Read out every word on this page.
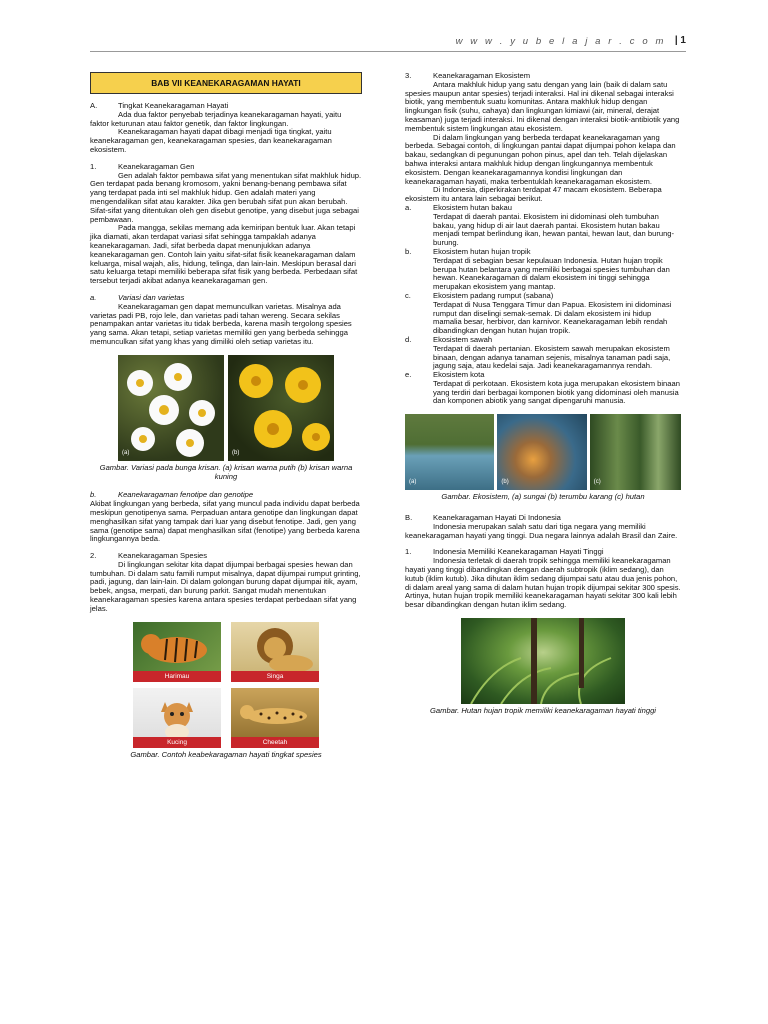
w w w . y u b e l a j a r . c o m | 1
BAB VII KEANEKARAGAMAN HAYATI
A.	Tingkat Keanekaragaman Hayati

Ada dua faktor penyebab terjadinya keanekaragaman hayati, yaitu faktor keturunan atau faktor genetik, dan faktor lingkungan.

Keanekaragaman hayati dapat dibagi menjadi tiga tingkat, yaitu keanekaragaman gen, keanekaragaman spesies, dan keanekaragaman ekosistem.

1.	Keanekaragaman Gen

Gen adalah faktor pembawa sifat yang menentukan sifat makhluk hidup. Gen terdapat pada benang kromosom, yakni benang-benang pembawa sifat yang terdapat pada inti sel makhluk hidup. Gen adalah materi yang mengendalikan sifat atau karakter. Jika gen berubah sifat pun akan berubah. Sifat-sifat yang ditentukan oleh gen disebut genotipe, yang disebut juga sebagai pembawaan.

Pada mangga, sekilas memang ada kemiripan bentuk luar. Akan tetapi jika diamati, akan terdapat variasi sifat sehingga tampaklah adanya keanekaragaman. Jadi, sifat berbeda dapat menunjukkan adanya keanekaragaman gen. Contoh lain yaitu sifat-sifat fisik keanekaragaman dalam keluarga, misal wajah, alis, hidung, telinga, dan lain-lain. Meskipun berasal dari satu keluarga tetapi memiliki beberapa sifat fisik yang berbeda. Perbedaan sifat tersebut terjadi akibat adanya keanekaragaman gen.

a.	Variasi dan varietas

Keanekaragaman gen dapat memunculkan varietas. Misalnya ada varietas padi PB, rojo lele, dan varietas padi tahan wereng. Secara sekilas penampakan antar varietas itu tidak berbeda, karena masih tergolong spesies yang sama. Akan tetapi, setiap varietas memiliki gen yang berbeda sehingga memunculkan sifat yang khas yang dimiliki oleh setiap varietas itu.

(a)	(b)
Gambar. Variasi pada bunga krisan. (a) krisan warna putih (b) krisan warna kuning
b.	Keanekaragaman fenotipe dan genotipe

Akibat lingkungan yang berbeda, sifat yang muncul pada individu dapat berbeda meskipun genotipenya sama. Perpaduan antara genotipe dan lingkungan dapat menghasilkan sifat yang tampak dari luar yang disebut fenotipe. Jadi, gen yang sama (genotipe sama) dapat menghasilkan sifat (fenotipe) yang berbeda karena lingkungannya beda.

2.	Keanekaragaman Spesies

Di lingkungan sekitar kita dapat dijumpai berbagai spesies hewan dan tumbuhan. Di dalam satu famili rumput misalnya, dapat dijumpai rumput grinting, padi, jagung, dan lain-lain. Di dalam golongan burung dapat dijumpai itik, ayam, bebek, angsa, merpati, dan burung parkit. Sangat mudah menentukan keanekaragaman spesies karena antara spesies terdapat perbedaan sifat yang jelas.

Harimau	Singa
Kucing	Cheetah
Gambar. Contoh keabekaragaman hayati tingkat spesies
3.	Keanekaragaman Ekosistem

Antara makhluk hidup yang satu dengan yang lain (baik di dalam satu spesies maupun antar spesies) terjadi interaksi. Hal ini dikenal sebagai interaksi biotik, yang membentuk suatu komunitas. Antara makhluk hidup dengan lingkungan fisik (suhu, cahaya) dan lingkungan kimiawi (air, mineral, derajat keasaman) juga terjadi interaksi. Ini dikenal dengan interaksi biotik-antibiotik yang membentuk sistem lingkungan atau ekosistem.

Di dalam lingkungan yang berbeda terdapat keanekaragaman yang berbeda. Sebagai contoh, di lingkungan pantai dapat dijumpai pohon kelapa dan bakau, sedangkan di pegunungan pohon pinus, apel dan teh. Telah dijelaskan bahwa interaksi antara makhluk hidup dengan lingkungannya membentuk ekosistem. Dengan keanekaragamannya kondisi lingkungan dan keanekaragaman hayati, maka terbentuklah keanekaragaman ekosistem.

Di Indonesia, diperkirakan terdapat 47 macam ekosistem. Beberapa ekosistem itu antara lain sebagai berikut.

a.	Ekosistem hutan bakau

Terdapat di daerah pantai. Ekosistem ini didominasi oleh tumbuhan bakau, yang hidup di air laut daerah pantai. Ekosistem hutan bakau menjadi tempat berlindung ikan, hewan pantai, hewan laut, dan burung-burung.

b.	Ekosistem hutan hujan tropik

Terdapat di sebagian besar kepulauan Indonesia. Hutan hujan tropik berupa hutan belantara yang memiliki berbagai spesies tumbuhan dan hewan. Keanekaragaman di dalam ekosistem ini tinggi sehingga merupakan ekosistem yang mantap.

c.	Ekosistem padang rumput (sabana)

Terdapat di Nusa Tenggara Timur dan Papua. Ekosistem ini didominasi rumput dan diselingi semak-semak. Di dalam ekosistem ini hidup mamalia besar, herbivor, dan karnivor. Keanekaragaman lebih rendah dibandingkan dengan hutan hujan tropik.

d.	Ekosistem sawah

Terdapat di daerah pertanian. Ekosistem sawah merupakan ekosistem binaan, dengan adanya tanaman sejenis, misalnya tanaman padi saja, jagung saja, atau kedelai saja. Jadi keanekaragamannya rendah.

e.	Ekosistem kota

Terdapat di perkotaan. Ekosistem kota juga merupakan ekosistem binaan yang terdiri dari berbagai komponen biotik yang didominasi oleh manusia dan komponen abiotik yang sangat dipengaruhi manusia.

(a)	(b)	(c)
Gambar. Ekosistem, (a) sungai (b) terumbu karang (c) hutan
B.	Keanekaragaman Hayati Di Indonesia

Indonesia merupakan salah satu dari tiga negara yang memiliki keanekaragaman hayati yang tinggi. Dua negara lainnya adalah Brasil dan Zaire.

1.	Indonesia Memiliki Keanekaragaman Hayati Tinggi

Indonesia terletak di daerah tropik sehingga memiliki keanekaragaman hayati yang tinggi dibandingkan dengan daerah subtropik (iklim sedang), dan kutub (iklim kutub). Jika dihutan iklim sedang dijumpai satu atau dua jenis pohon, di dalam areal yang sama di dalam hutan hujan tropik dijumpai sekitar 300 spesis. Artinya, hutan hujan tropik memiliki keanekaragaman hayati sekitar 300 kali lebih besar dibandingkan dengan hutan iklim sedang.

Gambar. Hutan hujan tropik memiliki keanekaragaman hayati tinggi
